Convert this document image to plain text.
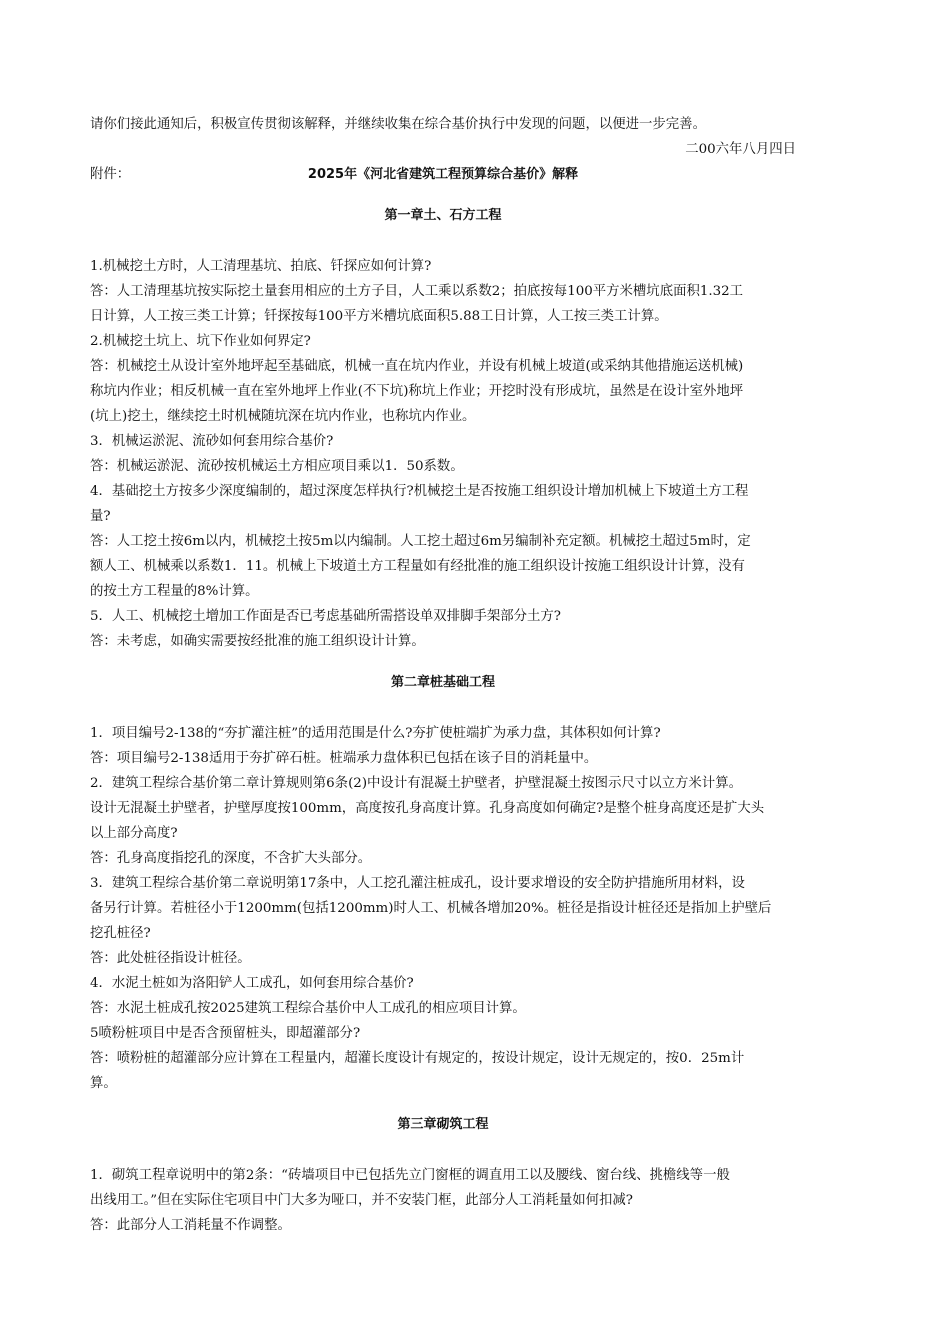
请你们接此通知后，积极宣传贯彻该解释，并继续收集在综合基价执行中发现的问题，以便进一步完善。
二00六年八月四日
附件：	2025年《河北省建筑工程预算综合基价》解释
第一章土、石方工程
1.机械挖土方时，人工清理基坑、拍底、钎探应如何计算?
答：人工清理基坑按实际挖土量套用相应的土方子目，人工乘以系数2；拍底按每100平方米槽坑底面积1.32工
日计算，人工按三类工计算；钎探按每100平方米槽坑底面积5.88工日计算，人工按三类工计算。
2.机械挖土坑上、坑下作业如何界定?
答：机械挖土从设计室外地坪起至基础底，机械一直在坑内作业，并设有机械上坡道(或采纳其他措施运送机械)
称坑内作业；相反机械一直在室外地坪上作业(不下坑)称坑上作业；开挖时没有形成坑，虽然是在设计室外地坪
(坑上)挖土，继续挖土时机械随坑深在坑内作业，也称坑内作业。
3．机械运淤泥、流砂如何套用综合基价?
答：机械运淤泥、流砂按机械运土方相应项目乘以1．50系数。
4．基础挖土方按多少深度编制的，超过深度怎样执行?机械挖土是否按施工组织设计增加机械上下坡道土方工程
量?
答：人工挖土按6m以内，机械挖土按5m以内编制。人工挖土超过6m另编制补充定额。机械挖土超过5m时，定
额人工、机械乘以系数1．11。机械上下坡道土方工程量如有经批准的施工组织设计按施工组织设计计算，没有
的按土方工程量的8%计算。
5．人工、机械挖土增加工作面是否已考虑基础所需搭设单双排脚手架部分土方?
答：未考虑，如确实需要按经批准的施工组织设计计算。
第二章桩基础工程
1．项目编号2-138的“夯扩灌注桩”的适用范围是什么?夯扩使桩端扩为承力盘，其体积如何计算?
答：项目编号2-138适用于夯扩碎石桩。桩端承力盘体积已包括在该子目的消耗量中。
2．建筑工程综合基价第二章计算规则第6条(2)中设计有混凝土护壁者，护壁混凝土按图示尺寸以立方米计算。
设计无混凝土护壁者，护壁厚度按100mm，高度按孔身高度计算。孔身高度如何确定?是整个桩身高度还是扩大头
以上部分高度?
答：孔身高度指挖孔的深度，不含扩大头部分。
3．建筑工程综合基价第二章说明第17条中，人工挖孔灌注桩成孔，设计要求增设的安全防护措施所用材料，设
备另行计算。若桩径小于1200mm(包括1200mm)时人工、机械各增加20%。桩径是指设计桩径还是指加上护壁后
挖孔桩径?
答：此处桩径指设计桩径。
4．水泥土桩如为洛阳铲人工成孔，如何套用综合基价?
答：水泥土桩成孔按2025建筑工程综合基价中人工成孔的相应项目计算。
5喷粉桩项目中是否含预留桩头，即超灌部分?
答：喷粉桩的超灌部分应计算在工程量内，超灌长度设计有规定的，按设计规定，设计无规定的，按0．25m计
算。
第三章砌筑工程
1．砌筑工程章说明中的第2条：“砖墙项目中已包括先立门窗框的调直用工以及腰线、窗台线、挑檐线等一般
出线用工。”但在实际住宅项目中门大多为哑口，并不安装门框，此部分人工消耗量如何扣减?
答：此部分人工消耗量不作调整。
